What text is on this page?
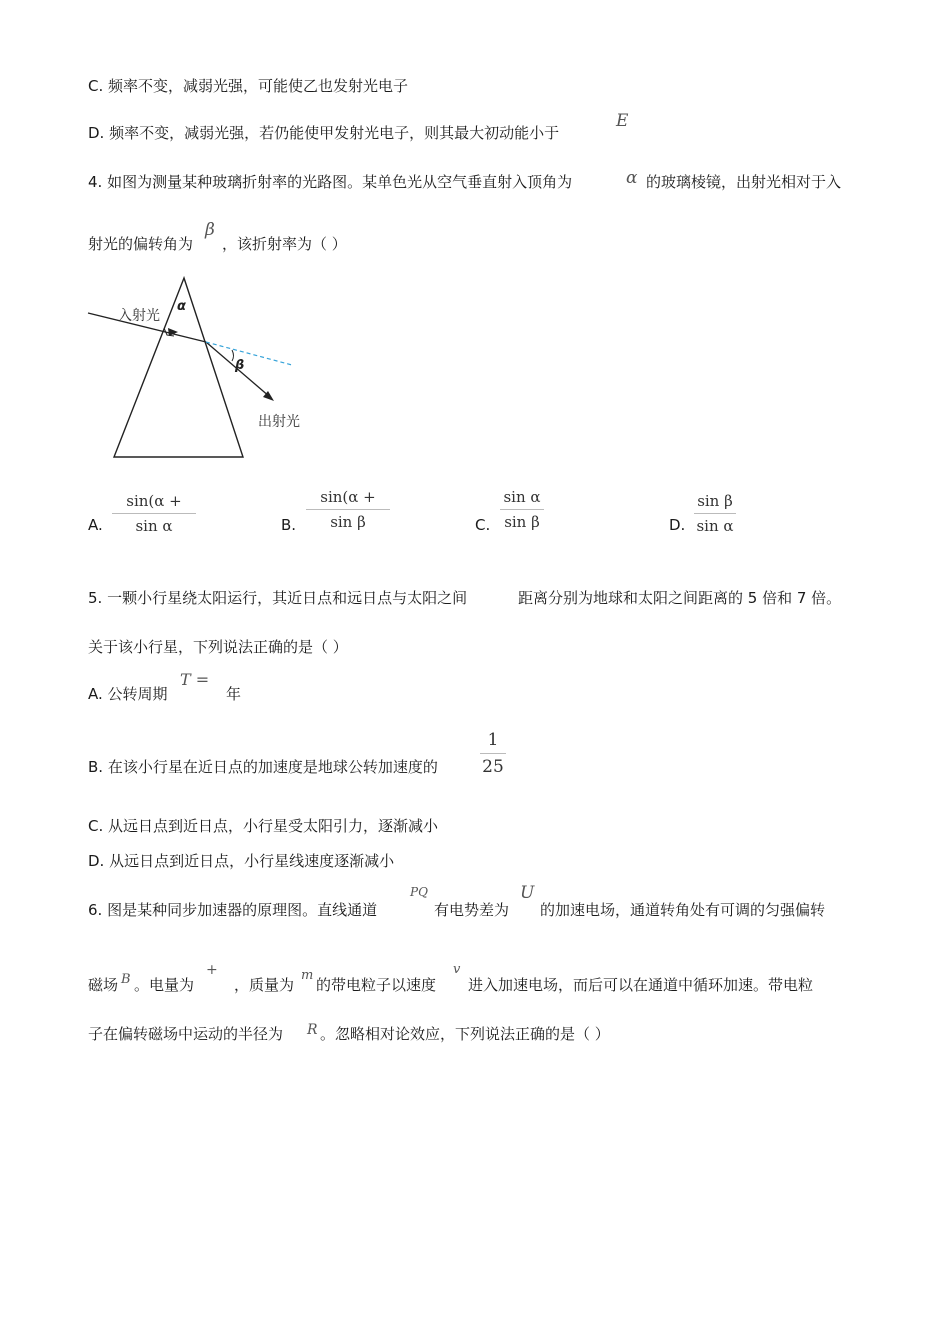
C. 频率不变，减弱光强，可能使乙也发射光电子
D. 频率不变，减弱光强，若仍能使甲发射光电子，则其最大初动能小于
E
4. 如图为测量某种玻璃折射率的光路图。某单色光从空气垂直射入顶角为	α 的玻璃棱镜，出射光相对于入
射光的偏转角为
β
，该折射率为（ ）
入射光
出射光
α
β
A. $\frac{\sin(\alpha +}{\text{sin α}}$	B. $\frac{\sin(\alpha +}{\text{sin β}}$	C. $\frac{\text{sin α}}{\text{sin β}}$	D. $\frac{\text{sin β}}{\text{sin α}}$
5. 一颗小行星绕太阳运行，其近日点和远日点与太阳之间	距离分别为地球和太阳之间距离的 5 倍和 7 倍。
关于该小行星，下列说法正确的是（ ）
A. 公转周期
T =
年
B. 在该小行星在近日点的加速度是地球公转加速度的 $\frac{1}{25}$
C. 从远日点到近日点，小行星受太阳引力，逐渐减小
D. 从远日点到近日点，小行星线速度逐渐减小
6. 图是某种同步加速器的原理图。直线通道
PQ
有电势差为
U
的加速电场，通道转角处有可调的匀强偏转
磁场 B 。电量为
+
，质量为
m
的带电粒子以速度
v
进入加速电场，而后可以在通道中循环加速。带电粒
子在偏转磁场中运动的半径为 R 。忽略相对论效应，下列说法正确的是（ ）
